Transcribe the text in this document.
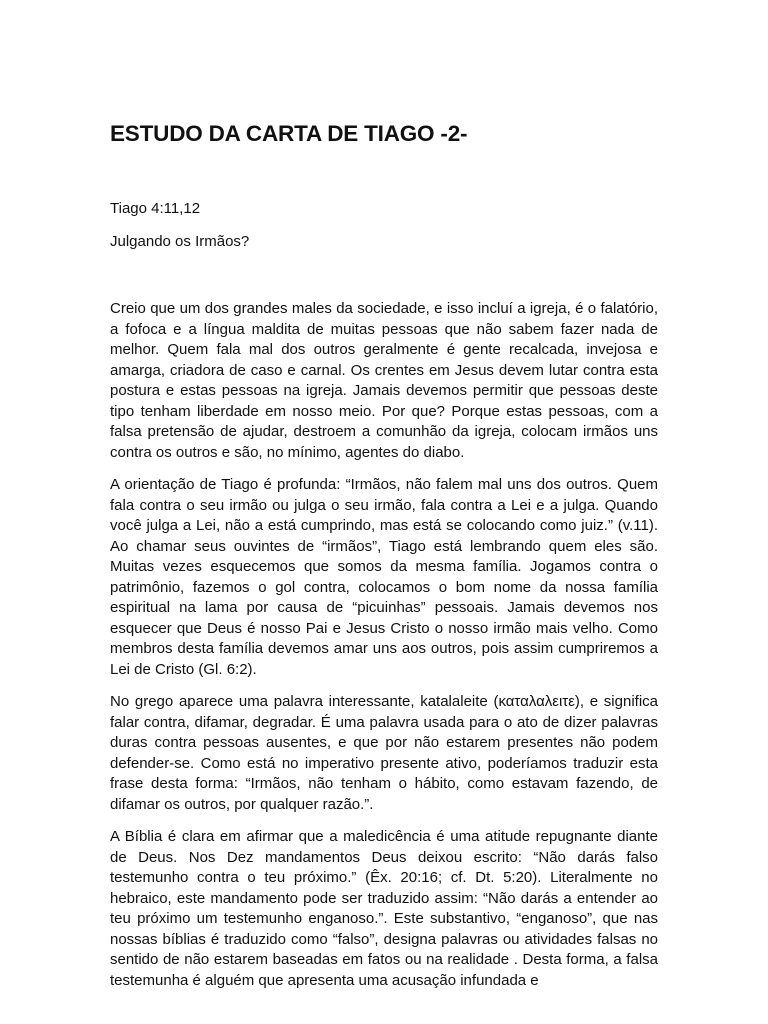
ESTUDO DA CARTA DE TIAGO -2-

Tiago 4:11,12

Julgando os Irmãos?

Creio que um dos grandes males da sociedade, e isso incluí a igreja, é o falatório, a fofoca e a língua maldita de muitas pessoas que não sabem fazer nada de melhor. Quem fala mal dos outros geralmente é gente recalcada, invejosa e amarga, criadora de caso e carnal. Os crentes em Jesus devem lutar contra esta postura e estas pessoas na igreja. Jamais devemos permitir que pessoas deste tipo tenham liberdade em nosso meio. Por que? Porque estas pessoas, com a falsa pretensão de ajudar, destroem a comunhão da igreja, colocam irmãos uns contra os outros e são, no mínimo, agentes do diabo.

A orientação de Tiago é profunda: “Irmãos, não falem mal uns dos outros. Quem fala contra o seu irmão ou julga o seu irmão, fala contra a Lei e a julga. Quando você julga a Lei, não a está cumprindo, mas está se colocando como juiz.” (v.11). Ao chamar seus ouvintes de “irmãos”, Tiago está lembrando quem eles são. Muitas vezes esquecemos que somos da mesma família. Jogamos contra o patrimônio, fazemos o gol contra, colocamos o bom nome da nossa família espiritual na lama por causa de “picuinhas” pessoais. Jamais devemos nos esquecer que Deus é nosso Pai e Jesus Cristo o nosso irmão mais velho. Como membros desta família devemos amar uns aos outros, pois assim cumpriremos a Lei de Cristo (Gl. 6:2).

No grego aparece uma palavra interessante, katalaleite (καταλαλειτε), e significa falar contra, difamar, degradar. É uma palavra usada para o ato de dizer palavras duras contra pessoas ausentes, e que por não estarem presentes não podem defender-se. Como está no imperativo presente ativo, poderíamos traduzir esta frase desta forma: “Irmãos, não tenham o hábito, como estavam fazendo, de difamar os outros, por qualquer razão.”.

A Bíblia é clara em afirmar que a maledicência é uma atitude repugnante diante de Deus. Nos Dez mandamentos Deus deixou escrito: “Não darás falso testemunho contra o teu próximo.” (Êx. 20:16; cf. Dt. 5:20). Literalmente no hebraico, este mandamento pode ser traduzido assim: “Não darás a entender ao teu próximo um testemunho enganoso.”. Este substantivo, “enganoso”, que nas nossas bíblias é traduzido como “falso”, designa palavras ou atividades falsas no sentido de não estarem baseadas em fatos ou na realidade . Desta forma, a falsa testemunha é alguém que apresenta uma acusação infundada e
